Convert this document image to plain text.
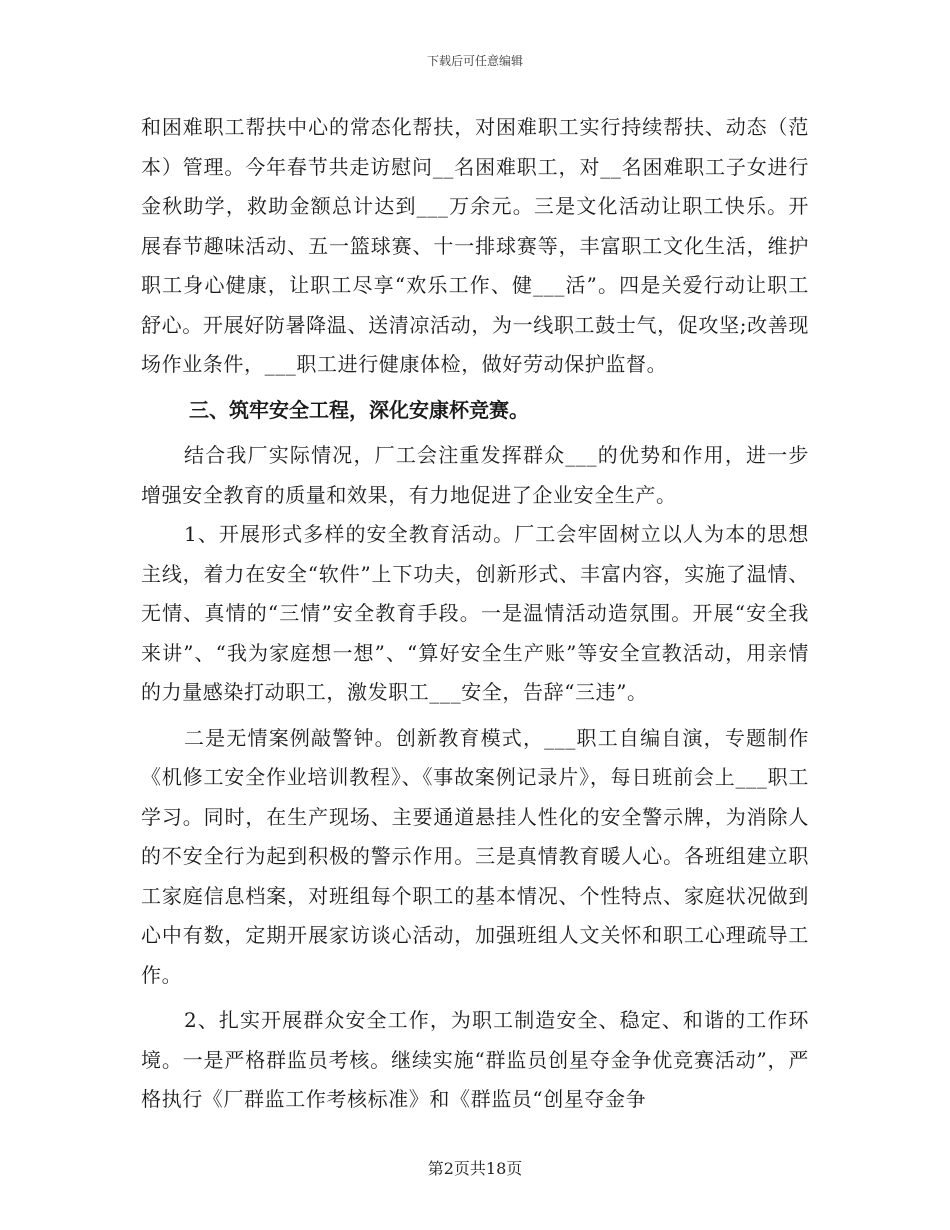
下载后可任意编辑

和困难职工帮扶中心的常态化帮扶，对困难职工实行持续帮扶、动态（范本）管理。今年春节共走访慰问__名困难职工，对__名困难职工子女进行金秋助学，救助金额总计达到___万余元。三是文化活动让职工快乐。开展春节趣味活动、五一篮球赛、十一排球赛等，丰富职工文化生活，维护职工身心健康，让职工尽享“欢乐工作、健___活”。四是关爱行动让职工舒心。开展好防暑降温、送清凉活动，为一线职工鼓士气，促攻坚;改善现场作业条件，___职工进行健康体检，做好劳动保护监督。

三、筑牢安全工程，深化安康杯竞赛。

结合我厂实际情况，厂工会注重发挥群众___的优势和作用，进一步增强安全教育的质量和效果，有力地促进了企业安全生产。

1、开展形式多样的安全教育活动。厂工会牢固树立以人为本的思想主线，着力在安全“软件”上下功夫，创新形式、丰富内容，实施了温情、无情、真情的“三情”安全教育手段。一是温情活动造氛围。开展“安全我来讲”、“我为家庭想一想”、“算好安全生产账”等安全宣教活动，用亲情的力量感染打动职工，激发职工___安全，告辞“三违”。

二是无情案例敲警钟。创新教育模式，___职工自编自演，专题制作《机修工安全作业培训教程》、《事故案例记录片》，每日班前会上___职工学习。同时，在生产现场、主要通道悬挂人性化的安全警示牌，为消除人的不安全行为起到积极的警示作用。三是真情教育暖人心。各班组建立职工家庭信息档案，对班组每个职工的基本情况、个性特点、家庭状况做到心中有数，定期开展家访谈心活动，加强班组人文关怀和职工心理疏导工作。

2、扎实开展群众安全工作，为职工制造安全、稳定、和谐的工作环境。一是严格群监员考核。继续实施“群监员创星夺金争优竞赛活动”，严格执行《厂群监工作考核标准》和《群监员“创星夺金争

第2页共18页
